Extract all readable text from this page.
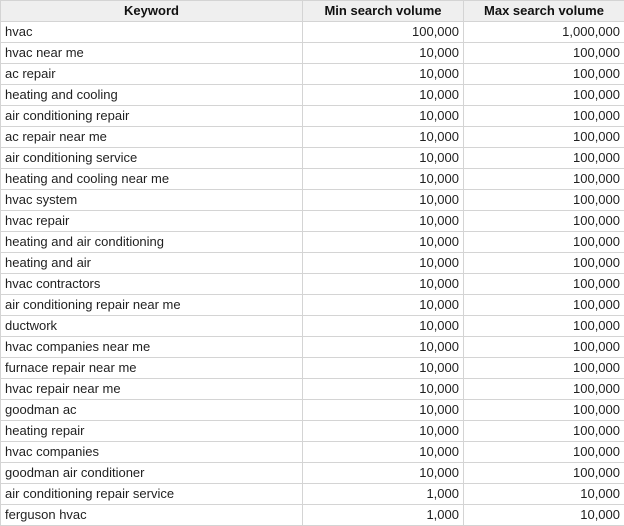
Keyword	Min search volume	Max search volume
hvac	100,000	1,000,000
hvac near me	10,000	100,000
ac repair	10,000	100,000
heating and cooling	10,000	100,000
air conditioning repair	10,000	100,000
ac repair near me	10,000	100,000
air conditioning service	10,000	100,000
heating and cooling near me	10,000	100,000
hvac system	10,000	100,000
hvac repair	10,000	100,000
heating and air conditioning	10,000	100,000
heating and air	10,000	100,000
hvac contractors	10,000	100,000
air conditioning repair near me	10,000	100,000
ductwork	10,000	100,000
hvac companies near me	10,000	100,000
furnace repair near me	10,000	100,000
hvac repair near me	10,000	100,000
goodman ac	10,000	100,000
heating repair	10,000	100,000
hvac companies	10,000	100,000
goodman air conditioner	10,000	100,000
air conditioning repair service	1,000	10,000
ferguson hvac	1,000	10,000
